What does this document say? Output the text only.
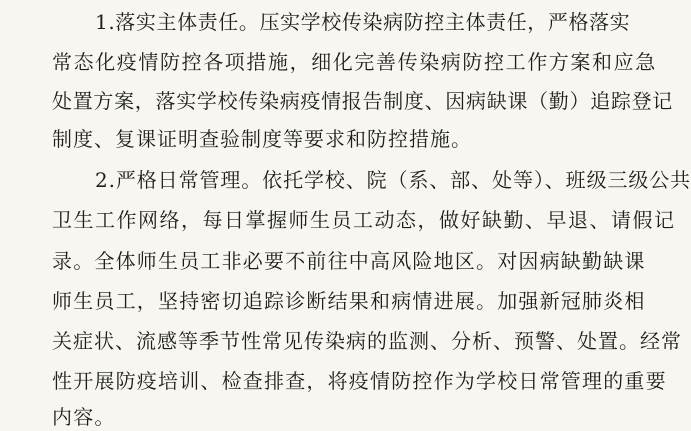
1.落实主体责任。压实学校传染病防控主体责任，严格落实
常态化疫情防控各项措施，细化完善传染病防控工作方案和应急
处置方案，落实学校传染病疫情报告制度、因病缺课（勤）追踪登记
制度、复课证明查验制度等要求和防控措施。
2.严格日常管理。依托学校、院（系、部、处等）、班级三级公共
卫生工作网络，每日掌握师生员工动态，做好缺勤、早退、请假记
录。全体师生员工非必要不前往中高风险地区。对因病缺勤缺课
师生员工，坚持密切追踪诊断结果和病情进展。加强新冠肺炎相
关症状、流感等季节性常见传染病的监测、分析、预警、处置。经常
性开展防疫培训、检查排查，将疫情防控作为学校日常管理的重要
内容。
